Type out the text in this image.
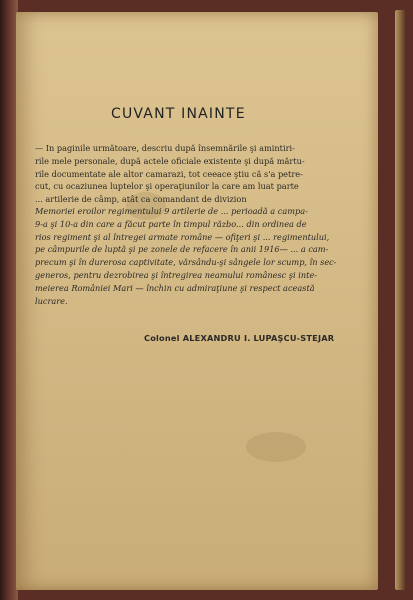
CUVANT INAINTE
— In paginile următoare, descriu după însemnările şi amintiri-
rile mele personale, după actele oficiale existente şi după mărtu-
rile documentate ale altor camarazi, tot ceeace ştiu că s'a petre-
cut, cu ocaziunea luptelor şi operaţiunilor la care am luat parte
... artilerie de câmp, atât ca comandant de divizion
Memoriei eroilor regimentului 9 artilerie de ... perioadă a campa-
9-a şi 10-a din care a făcut parte în timpul războ... din ordinea de
rios regiment şi al întregei armate române — ofiţeri şi ... regimentului,
pe câmpurile de luptă şi pe zonele de refacere în anii 1916— ... a cam-
precum şi în durerosa captivitate, vărsându-şi sângele lor scump, în sec-
generos, pentru dezrobirea şi întregirea neamului românesc şi inte-
meierea României Mari — închin cu admiraţiune şi respect această
lucrare.
Colonel ALEXANDRU I. LUPAŞCU-STEJAR
